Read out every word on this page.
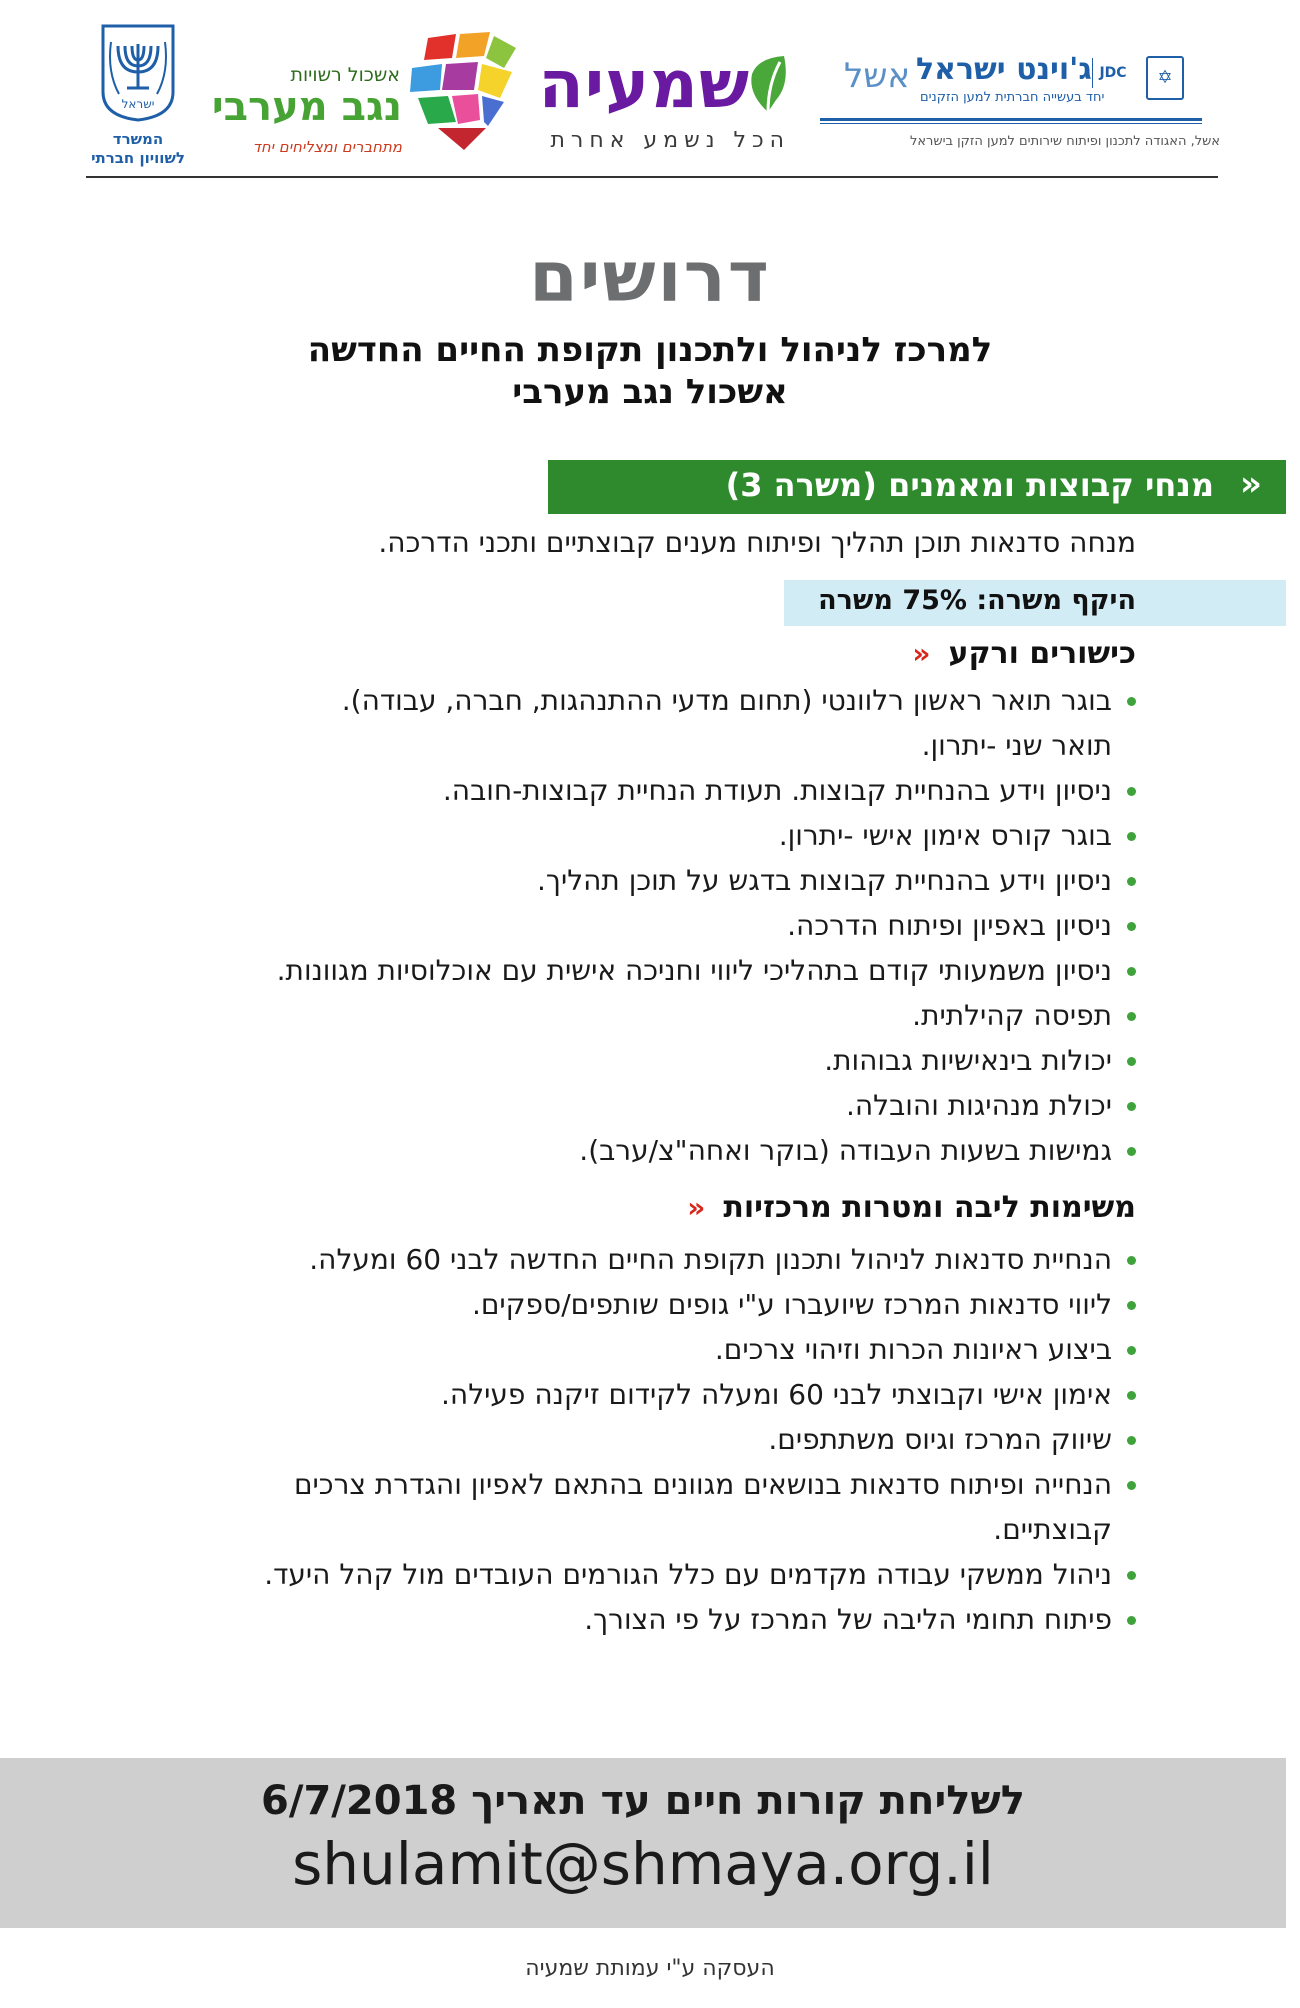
ישראל
המשרד
לשוויון חברתי
אשכול רשויות
נגב מערבי
מתחברים ומצליחים יחד
שמעיה
הכל נשמע אחרת
אשל ג'וינט ישראל
יחד בעשייה חברתית למען הזקנים
JDC	✡
אשל, האגודה לתכנון ופיתוח שירותים למען הזקן בישראל
דרושים
למרכז לניהול ולתכנון תקופת החיים החדשה
אשכול נגב מערבי
«
מנחי קבוצות ומאמנים (משרה 3)
מנחה סדנאות תוכן תהליך ופיתוח מענים קבוצתיים ותכני הדרכה.
היקף משרה: 75% משרה
כישורים ורקע«
בוגר תואר ראשון רלוונטי (תחום מדעי ההתנהגות, חברה, עבודה).
תואר שני -יתרון.
ניסיון וידע בהנחיית קבוצות. תעודת הנחיית קבוצות-חובה.
בוגר קורס אימון אישי -יתרון.
ניסיון וידע בהנחיית קבוצות בדגש על תוכן תהליך.
ניסיון באפיון ופיתוח הדרכה.
ניסיון משמעותי קודם בתהליכי ליווי וחניכה אישית עם אוכלוסיות מגוונות.
תפיסה קהילתית.
יכולות בינאישיות גבוהות.
יכולת מנהיגות והובלה.
גמישות בשעות העבודה (בוקר ואחה"צ/ערב).
משימות ליבה ומטרות מרכזיות«
הנחיית סדנאות לניהול ותכנון תקופת החיים החדשה לבני 60 ומעלה.
ליווי סדנאות המרכז שיועברו ע"י גופים שותפים/ספקים.
ביצוע ראיונות הכרות וזיהוי צרכים.
אימון אישי וקבוצתי לבני 60 ומעלה לקידום זיקנה פעילה.
שיווק המרכז וגיוס משתתפים.
הנחייה ופיתוח סדנאות בנושאים מגוונים בהתאם לאפיון והגדרת צרכים
קבוצתיים.
ניהול ממשקי עבודה מקדמים עם כלל הגורמים העובדים מול קהל היעד.
פיתוח תחומי הליבה של המרכז על פי הצורך.
לשליחת קורות חיים עד תאריך 6/7/2018
shulamit@shmaya.org.il
העסקה ע"י עמותת שמעיה
